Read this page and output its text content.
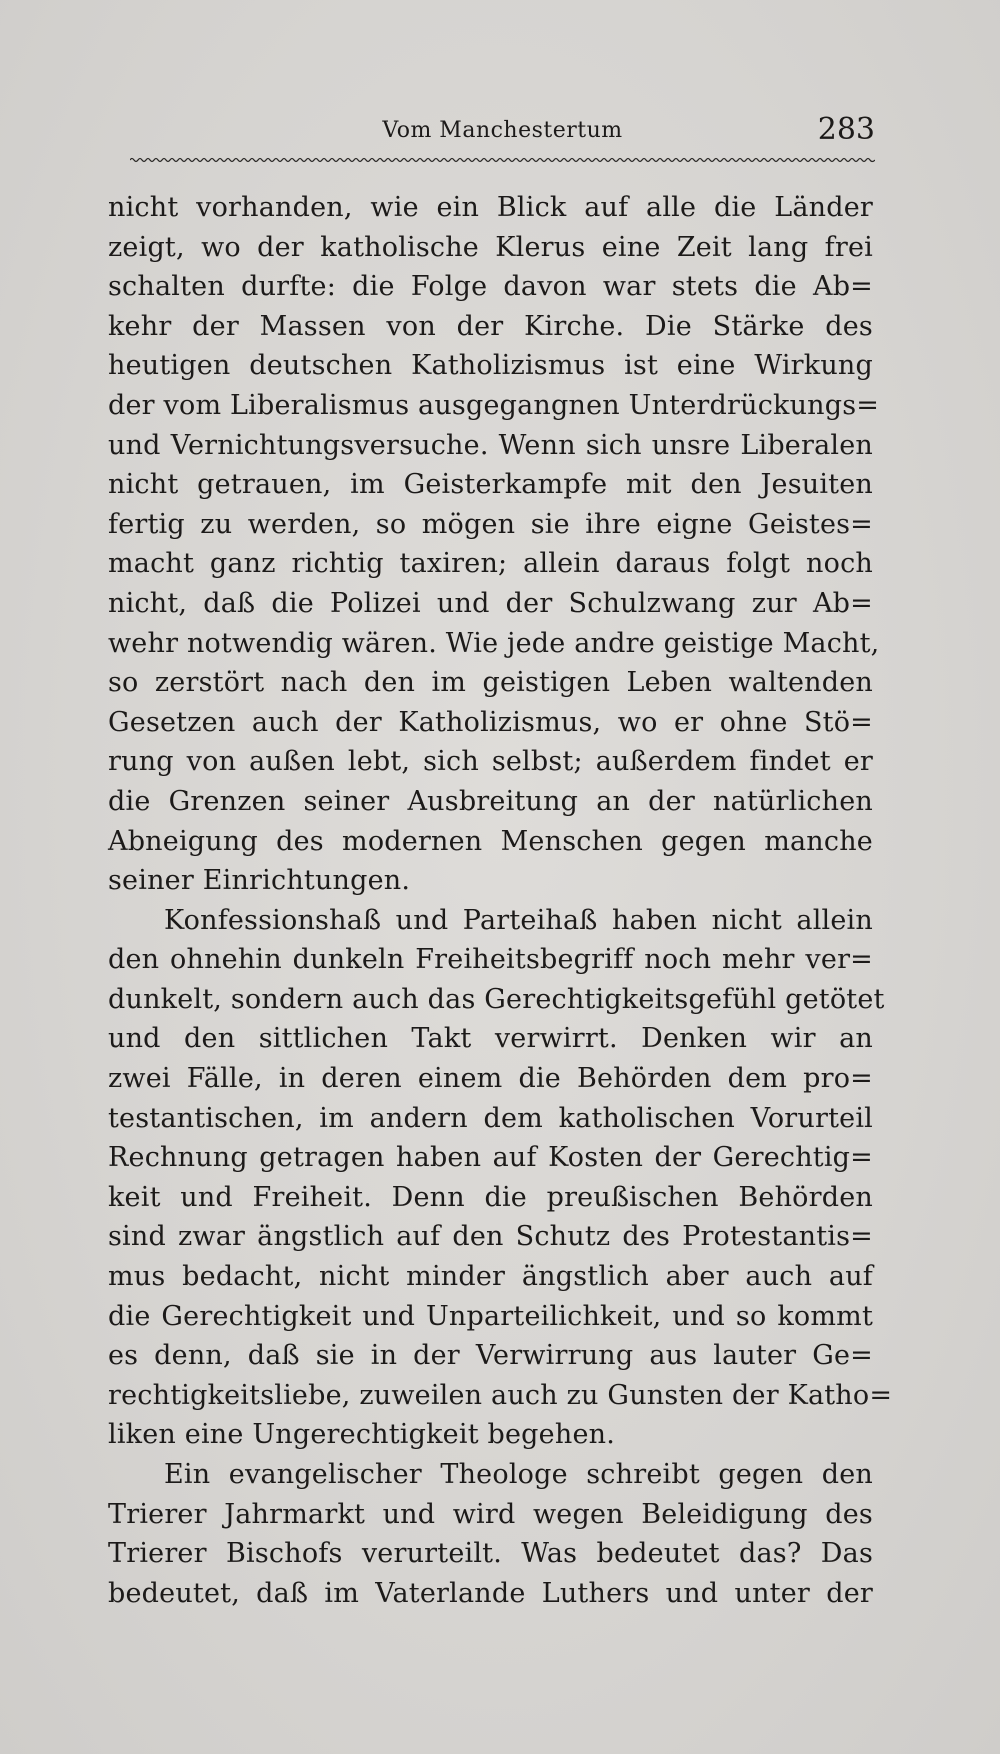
Vom Manchestertum	283
nicht vorhanden, wie ein Blick auf alle die Länder
zeigt, wo der katholische Klerus eine Zeit lang frei
schalten durfte: die Folge davon war stets die Ab=
kehr der Massen von der Kirche. Die Stärke des
heutigen deutschen Katholizismus ist eine Wirkung
der vom Liberalismus ausgegangnen Unterdrückungs=
und Vernichtungsversuche. Wenn sich unsre Liberalen
nicht getrauen, im Geisterkampfe mit den Jesuiten
fertig zu werden, so mögen sie ihre eigne Geistes=
macht ganz richtig taxiren; allein daraus folgt noch
nicht, daß die Polizei und der Schulzwang zur Ab=
wehr notwendig wären. Wie jede andre geistige Macht,
so zerstört nach den im geistigen Leben waltenden
Gesetzen auch der Katholizismus, wo er ohne Stö=
rung von außen lebt, sich selbst; außerdem findet er
die Grenzen seiner Ausbreitung an der natürlichen
Abneigung des modernen Menschen gegen manche
seiner Einrichtungen.
Konfessionshaß und Parteihaß haben nicht allein
den ohnehin dunkeln Freiheitsbegriff noch mehr ver=
dunkelt, sondern auch das Gerechtigkeitsgefühl getötet
und den sittlichen Takt verwirrt. Denken wir an
zwei Fälle, in deren einem die Behörden dem pro=
testantischen, im andern dem katholischen Vorurteil
Rechnung getragen haben auf Kosten der Gerechtig=
keit und Freiheit. Denn die preußischen Behörden
sind zwar ängstlich auf den Schutz des Protestantis=
mus bedacht, nicht minder ängstlich aber auch auf
die Gerechtigkeit und Unparteilichkeit, und so kommt
es denn, daß sie in der Verwirrung aus lauter Ge=
rechtigkeitsliebe, zuweilen auch zu Gunsten der Katho=
liken eine Ungerechtigkeit begehen.
Ein evangelischer Theologe schreibt gegen den
Trierer Jahrmarkt und wird wegen Beleidigung des
Trierer Bischofs verurteilt. Was bedeutet das? Das
bedeutet, daß im Vaterlande Luthers und unter der
